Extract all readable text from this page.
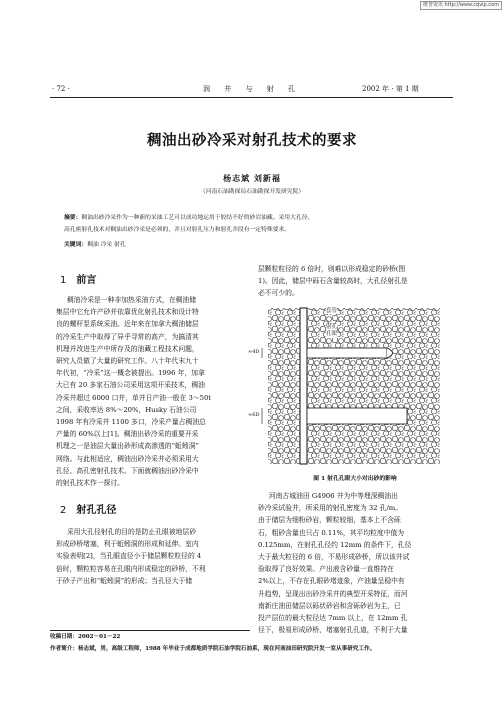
维普资讯 http://www.cqvip.com
· 72 ·	润 井 与 射 孔	2002 年 · 第 1 期
稠油出砂冷采对射孔技术的要求
杨志斌 刘新福
（河南石油勘探局石油勘探开发研究院）
摘要：稠油出砂冷采作为一种新的采油工艺可以成功地运用于胶结不好的砂岩油藏。采用大孔径、
高孔密射孔技术对稠油出砂冷采是必须的，并且对射孔压力和射孔井段有一定特殊要求。
关键词：稠油 冷采 射孔
1 前言

稠油冷采是一种非加热采油方式，在稠油储
集层中它允许产砂并依靠优化射孔技术和设计特
良的螺杆泵系统采油。近年来在加拿大稠油储层
的冷采生产中取得了异乎寻常的高产，为搞清其
机理并改进生产中所存及的油藏工程技术问题，
研究人员做了大量的研究工作。八十年代末九十
年代初，“冷采”这一概念被提出。1996 年，加拿
大已有 20 多家石油公司采用这项开采技术，稠油
冷采井超过 6000 口井，单井日产油一般在 3～50t
之间，采收率达 8%～20%，Husky 石油公司
1998 年有冷采井 1100 多口，冷采产量占稠油总
产量的 60%以上[1]。稠油出砂冷采的重要开采
机理之一是油层大量出砂形成高渗透的“蚯蚓洞”
网络。与此相适应，稠油出砂冷采井必须采用大
孔径、高孔密射孔技术。下面就稠油出砂冷采中
的射孔技术作一探讨。

2 射孔孔径

采用大孔径射孔的目的是防止孔眼被地层砂
形成砂桥堵塞，利于蚯蚓洞的形成和延伸。室内
实验表明[2]，当孔眼直径小于储层颗粒粒径的 4
倍时，颗粒粒容易在孔眼内形成稳定的砂桥，不利
于砂子产出和“蚯蚓洞”的形成；当孔径大于储

层颗粒粒径的 6 倍时，则难以形成稳定的砂桥(图
1)。因此，储层中砾石含量较高时，大孔径射孔是
必不可少的。

套管
射孔
孔眼
≈4D
≈6D
图 1 射孔孔眼大小对出砂的影响

河南古城油田 G4906 井为中等埋深稠油出
砂冷采试验井，所采用的射孔密度为 32 孔/m。
由于储层为细粉砂岩，颗粒较细，基本上不含砾
石，粗砂含量也只占 0.11%，其平均粒度中值为
0.125mm，在射孔孔径约 12mm 的条件下，孔径
大于最大粒径的 6 倍，不易形成砂桥，所以该井试
验取得了良好效果。产出液含砂量一直维持在
2%以上，不存在孔眼砂堵迹象，产油量呈稳中有
升趋势，呈现出出砂冷采井的典型开采特征，而河
南新庄油田储层以砾状砂岩和含砾砂岩为主，已
投产层位的最大粒径达 7mm 以上，在 12mm 孔
径下，极易形成砂桥，堵塞射孔孔道，不利于大量

收稿日期：2002－01－22
作者简介：杨志斌，男，高级工程师，1988 年毕业于成都地质学院石油学院石油系，现在河南油田研究院开发一室从事研究工作。
